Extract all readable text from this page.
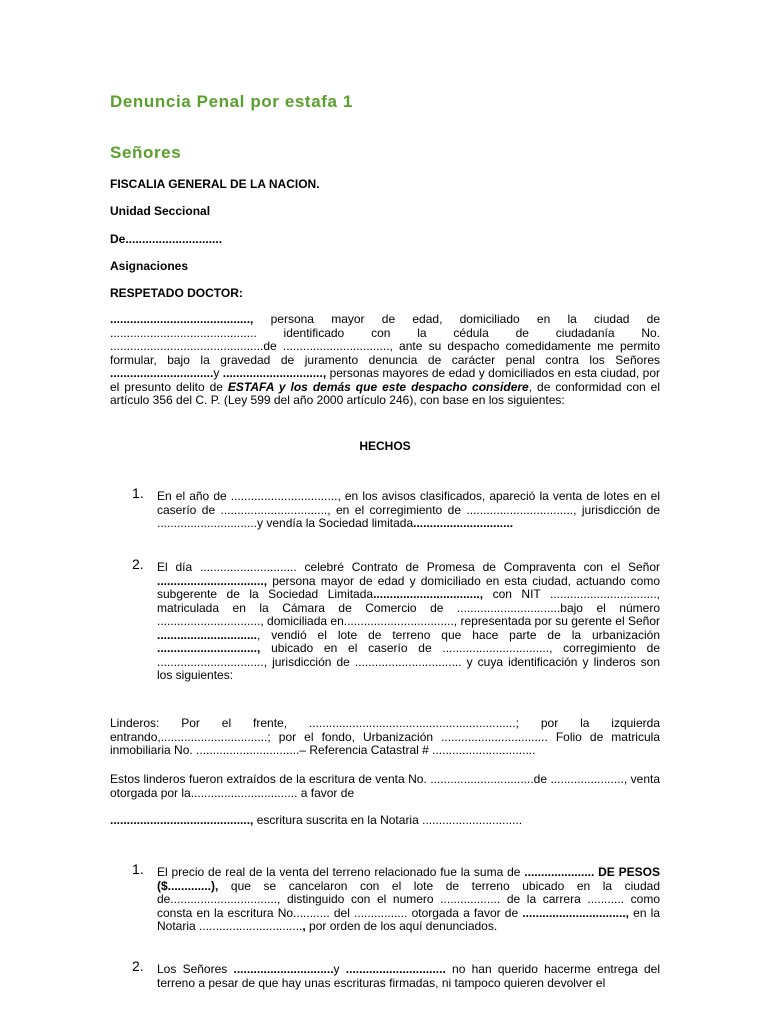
Denuncia Penal por estafa 1
Señores
FISCALIA GENERAL DE LA NACION.
Unidad Seccional
De.............................
Asignaciones
RESPETADO DOCTOR:

.........................................., persona mayor de edad, domiciliado en la ciudad de ............................................ identificado con la cédula de ciudadanía No. ..............................................de ................................, ante su despacho comedidamente me permito formular, bajo la gravedad de juramento denuncia de carácter penal contra los Señores ...............................y .............................., personas mayores de edad y domiciliados en esta ciudad, por el presunto delito de ESTAFA y los demás que este despacho considere, de conformidad con el artículo 356 del C. P. (Ley 599 del año 2000 artículo 246), con base en los siguientes:

HECHOS
1. En el año de ................................, en los avisos clasificados, apareció la venta de lotes en el caserío de ................................, en el corregimiento de ................................, jurisdicción de ..............................y vendía la Sociedad limitada..............................
2. El día ............................. celebré Contrato de Promesa de Compraventa con el Señor ................................, persona mayor de edad y domiciliado en esta ciudad, actuando como subgerente de la Sociedad Limitada................................, con NIT ................................, matriculada en la Cámara de Comercio de ...............................bajo el número ..............................., domiciliada en................................., representada por su gerente el Señor .............................., vendió el lote de terreno que hace parte de la urbanización .............................., ubicado en el caserío de ................................, corregimiento de ................................, jurisdicción de ................................ y cuya identificación y linderos son los siguientes:

Linderos: Por el frente, ..............................................................; por la izquierda entrando,................................; por el fondo, Urbanización ................................ Folio de matricula inmobiliaria No. ...............................– Referencia Catastral # ...............................

Estos linderos fueron extraídos de la escritura de venta No. ...............................de ......................, venta otorgada por la................................ a favor de

.........................................., escritura suscrita en la Notaria ..............................

1. El precio de real de la venta del terreno relacionado fue la suma de ..................... DE PESOS ($.............), que se cancelaron con el lote de terreno ubicado en la ciudad de................................, distinguido con el numero .................. de la carrera ........... como consta en la escritura No........... del ................ otorgada a favor de ..............................., en la Notaria ..............................., por orden de los aquí denunciados.
2. Los Señores ..............................y .............................. no han querido hacerme entrega del terreno a pesar de que hay unas escrituras firmadas, ni tampoco quieren devolver el
